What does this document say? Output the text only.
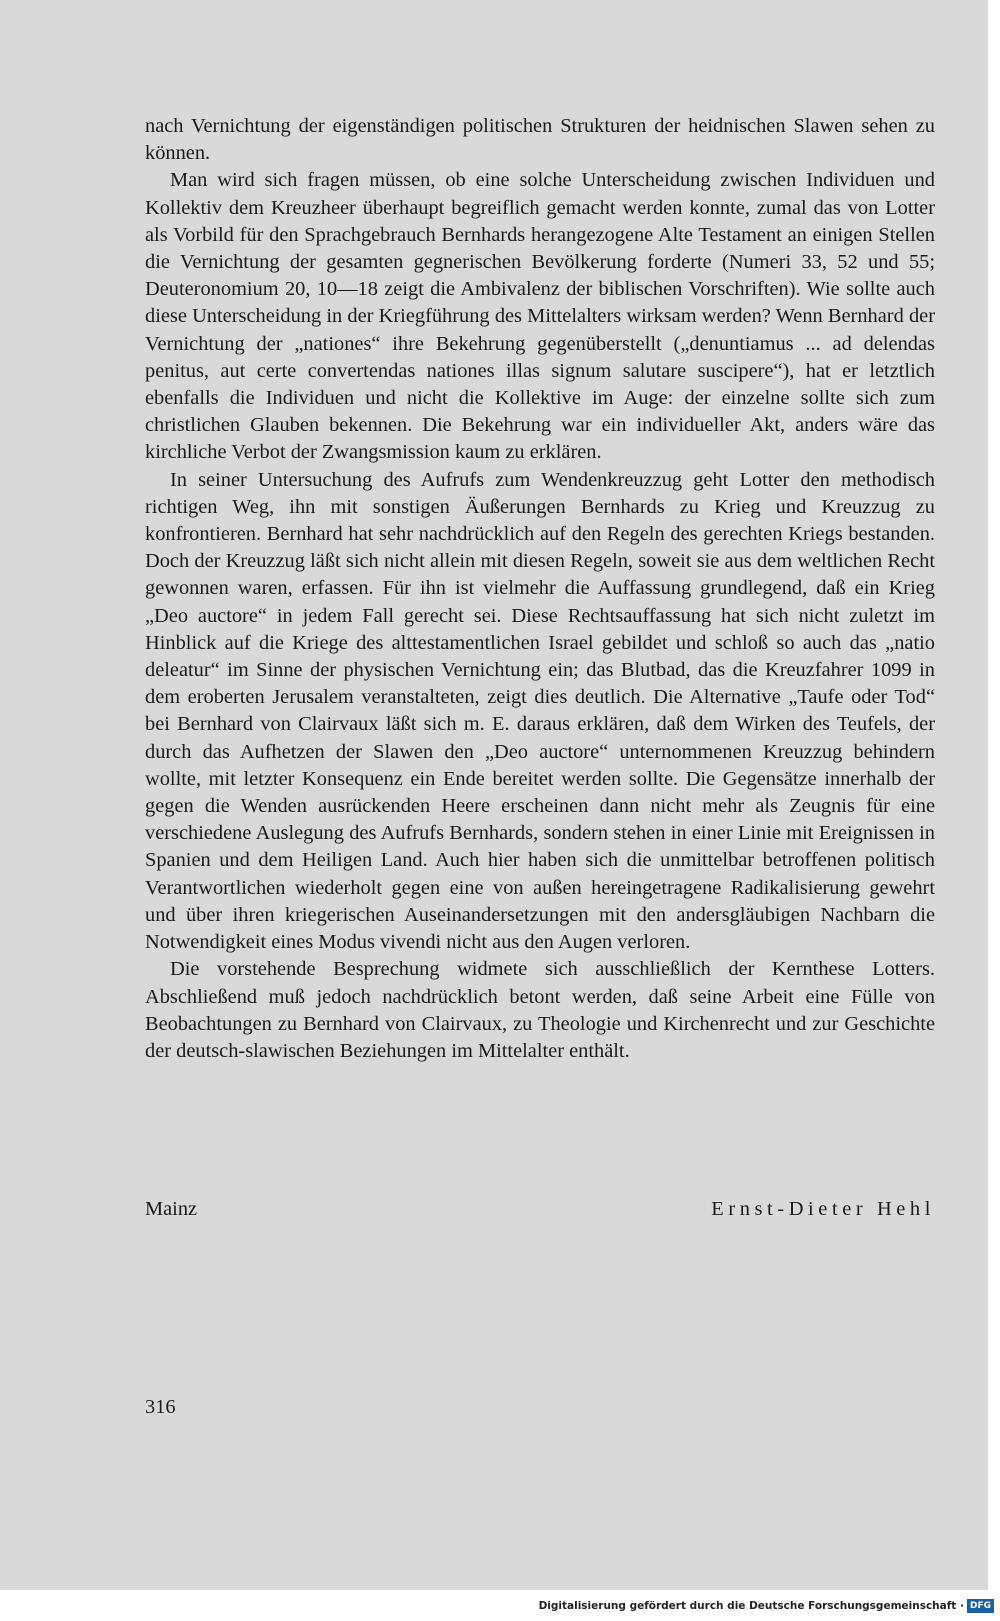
nach Vernichtung der eigenständigen politischen Strukturen der heidnischen Slawen sehen zu können.

Man wird sich fragen müssen, ob eine solche Unterscheidung zwischen Individuen und Kollektiv dem Kreuzheer überhaupt begreiflich gemacht werden konnte, zumal das von Lotter als Vorbild für den Sprachgebrauch Bernhards herangezogene Alte Testament an einigen Stellen die Vernichtung der gesamten gegnerischen Bevölkerung forderte (Numeri 33, 52 und 55; Deuteronomium 20, 10—18 zeigt die Ambivalenz der biblischen Vorschriften). Wie sollte auch diese Unterscheidung in der Kriegführung des Mittelalters wirksam werden? Wenn Bernhard der Vernichtung der „nationes“ ihre Bekehrung gegenüberstellt („denuntiamus ... ad delendas penitus, aut certe convertendas nationes illas signum salutare suscipere“), hat er letztlich ebenfalls die Individuen und nicht die Kollektive im Auge: der einzelne sollte sich zum christlichen Glauben bekennen. Die Bekehrung war ein individueller Akt, anders wäre das kirchliche Verbot der Zwangsmission kaum zu erklären.

In seiner Untersuchung des Aufrufs zum Wendenkreuzzug geht Lotter den methodisch richtigen Weg, ihn mit sonstigen Äußerungen Bernhards zu Krieg und Kreuzzug zu konfrontieren. Bernhard hat sehr nachdrücklich auf den Regeln des gerechten Kriegs bestanden. Doch der Kreuzzug läßt sich nicht allein mit diesen Regeln, soweit sie aus dem weltlichen Recht gewonnen waren, erfassen. Für ihn ist vielmehr die Auffassung grundlegend, daß ein Krieg „Deo auctore“ in jedem Fall gerecht sei. Diese Rechtsauffassung hat sich nicht zuletzt im Hinblick auf die Kriege des alttestamentlichen Israel gebildet und schloß so auch das „natio deleatur“ im Sinne der physischen Vernichtung ein; das Blutbad, das die Kreuzfahrer 1099 in dem eroberten Jerusalem veranstalteten, zeigt dies deutlich. Die Alternative „Taufe oder Tod“ bei Bernhard von Clairvaux läßt sich m. E. daraus erklären, daß dem Wirken des Teufels, der durch das Aufhetzen der Slawen den „Deo auctore“ unternommenen Kreuzzug behindern wollte, mit letzter Konsequenz ein Ende bereitet werden sollte. Die Gegensätze innerhalb der gegen die Wenden ausrückenden Heere erscheinen dann nicht mehr als Zeugnis für eine verschiedene Auslegung des Aufrufs Bernhards, sondern stehen in einer Linie mit Ereignissen in Spanien und dem Heiligen Land. Auch hier haben sich die unmittelbar betroffenen politisch Verantwortlichen wiederholt gegen eine von außen hereingetragene Radikalisierung gewehrt und über ihren kriegerischen Auseinandersetzungen mit den andersgläubigen Nachbarn die Notwendigkeit eines Modus vivendi nicht aus den Augen verloren.

Die vorstehende Besprechung widmete sich ausschließlich der Kernthese Lotters. Abschließend muß jedoch nachdrücklich betont werden, daß seine Arbeit eine Fülle von Beobachtungen zu Bernhard von Clairvaux, zu Theologie und Kirchenrecht und zur Geschichte der deutsch-slawischen Beziehungen im Mittelalter enthält.

Mainz	Ernst-Dieter Hehl
316
Digitalisierung gefördert durch die Deutsche Forschungsgemeinschaft · DFG
